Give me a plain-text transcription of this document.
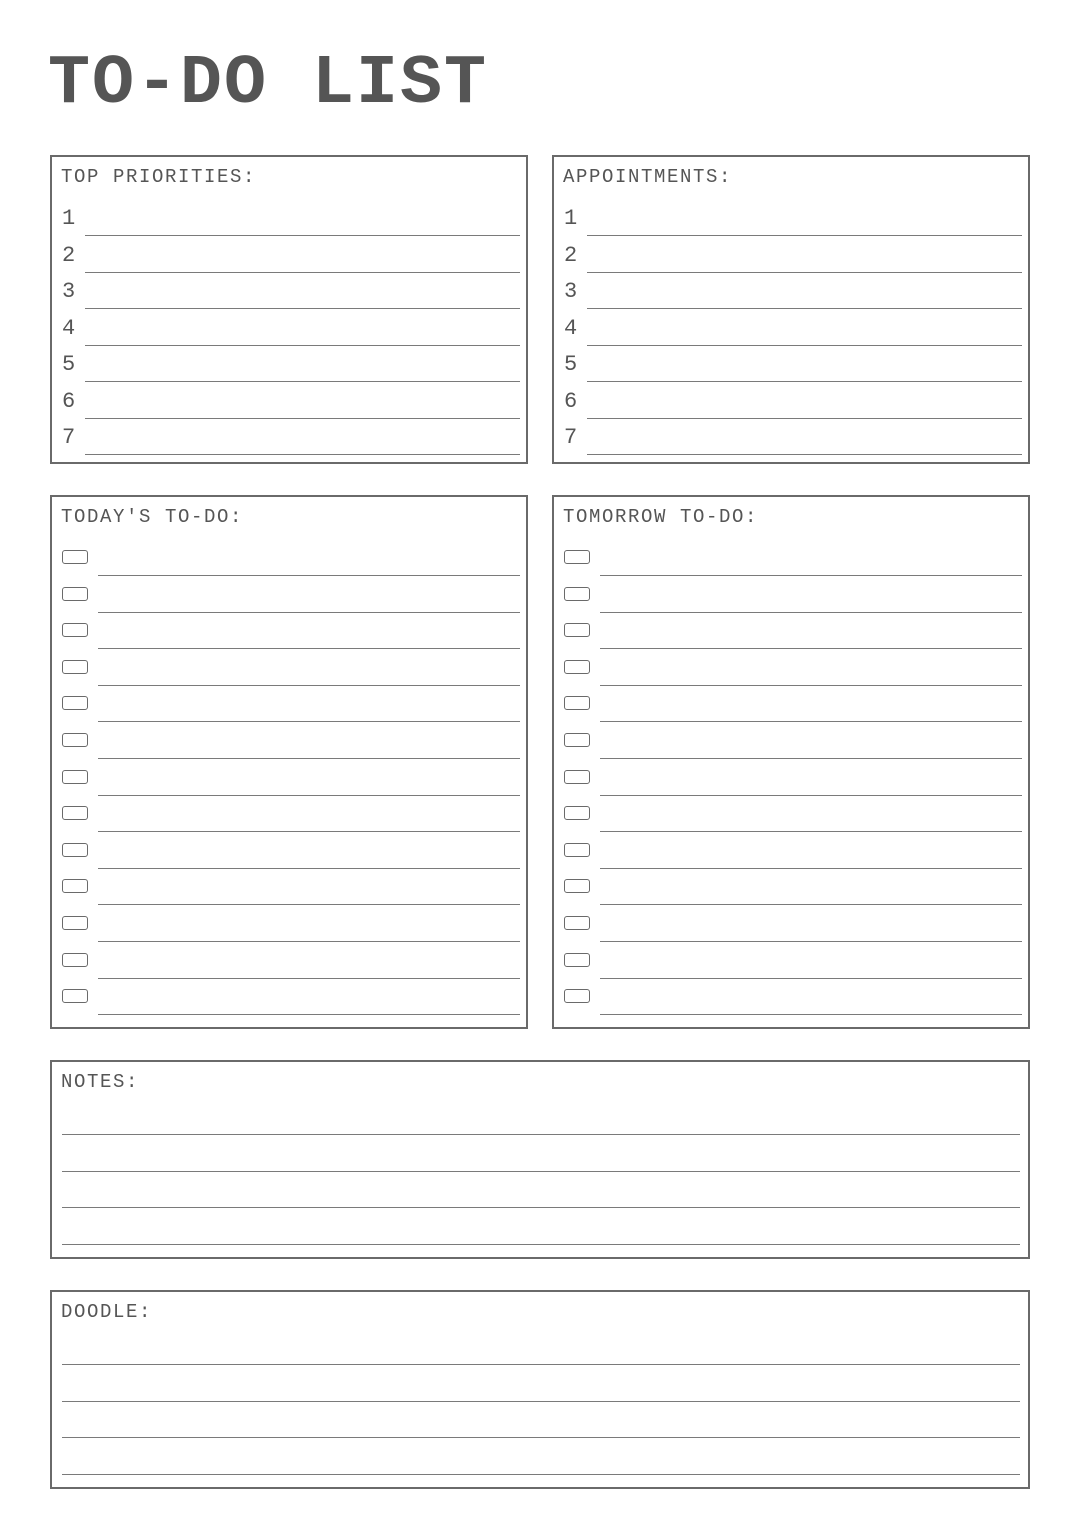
TO-DO LIST
TOP PRIORITIES:
1
2
3
4
5
6
7
APPOINTMENTS:
1
2
3
4
5
6
7
TODAY'S TO-DO:	TOMORROW TO-DO:
NOTES:
DOODLE:
